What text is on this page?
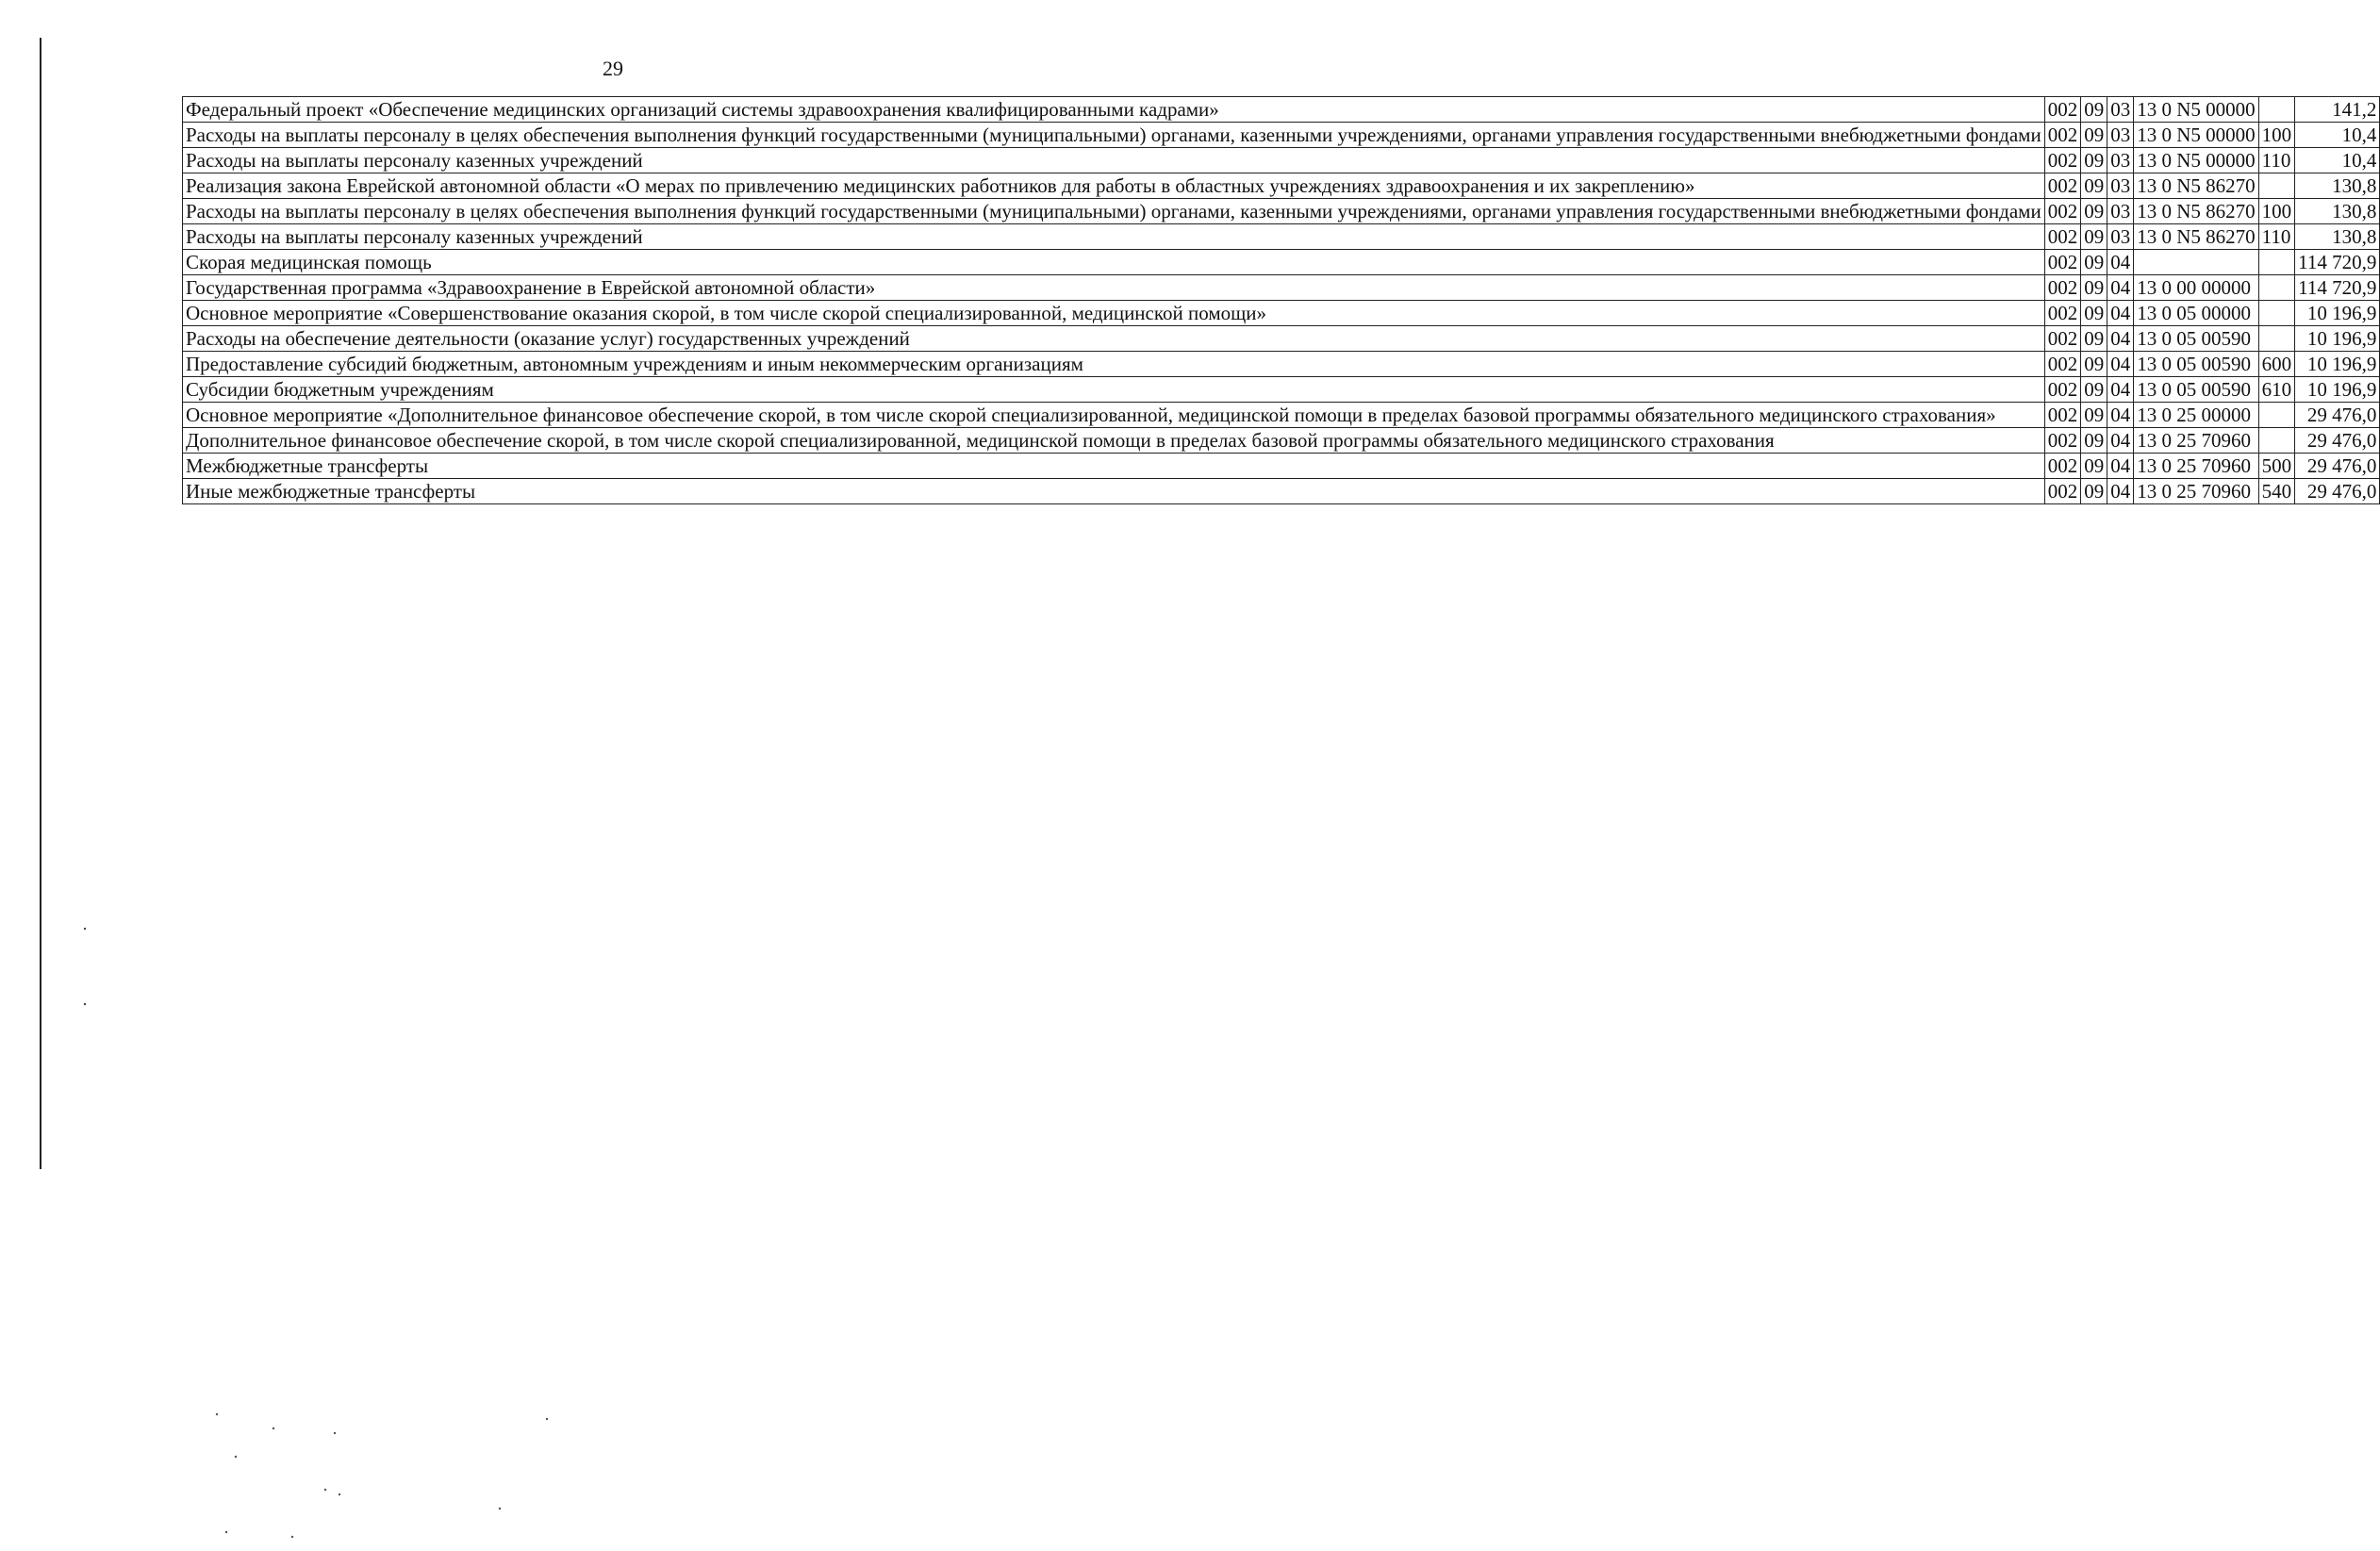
29
Федеральный проект «Обеспечение медицинских организаций системы здравоохранения квалифицированными кадрами»	002	09	03	13 0 N5 00000		141,2
Расходы на выплаты персоналу в целях обеспечения выполнения функций государственными (муниципальными) органами, казенными учреждениями, органами управления государственными внебюджетными фондами	002	09	03	13 0 N5 00000	100	10,4
Расходы на выплаты персоналу казенных учреждений	002	09	03	13 0 N5 00000	110	10,4
Реализация закона Еврейской автономной области «О мерах по привлечению медицинских работников для работы в областных учреждениях здравоохранения и их закреплению»	002	09	03	13 0 N5 86270		130,8
Расходы на выплаты персоналу в целях обеспечения выполнения функций государственными (муниципальными) органами, казенными учреждениями, органами управления государственными внебюджетными фондами	002	09	03	13 0 N5 86270	100	130,8
Расходы на выплаты персоналу казенных учреждений	002	09	03	13 0 N5 86270	110	130,8
Скорая медицинская помощь	002	09	04			114 720,9
Государственная программа «Здравоохранение в Еврейской автономной области»	002	09	04	13 0 00 00000		114 720,9
Основное мероприятие «Совершенствование оказания скорой, в том числе скорой специализированной, медицинской помощи»	002	09	04	13 0 05 00000		10 196,9
Расходы на обеспечение деятельности (оказание услуг) государственных учреждений	002	09	04	13 0 05 00590		10 196,9
Предоставление субсидий бюджетным, автономным учреждениям и иным некоммерческим организациям	002	09	04	13 0 05 00590	600	10 196,9
Субсидии бюджетным учреждениям	002	09	04	13 0 05 00590	610	10 196,9
Основное мероприятие «Дополнительное финансовое обеспечение скорой, в том числе скорой специализированной, медицинской помощи в пределах базовой программы обязательного медицинского страхования»	002	09	04	13 0 25 00000		29 476,0
Дополнительное финансовое обеспечение скорой, в том числе скорой специализированной, медицинской помощи в пределах базовой программы обязательного медицинского страхования	002	09	04	13 0 25 70960		29 476,0
Межбюджетные трансферты	002	09	04	13 0 25 70960	500	29 476,0
Иные межбюджетные трансферты	002	09	04	13 0 25 70960	540	29 476,0
